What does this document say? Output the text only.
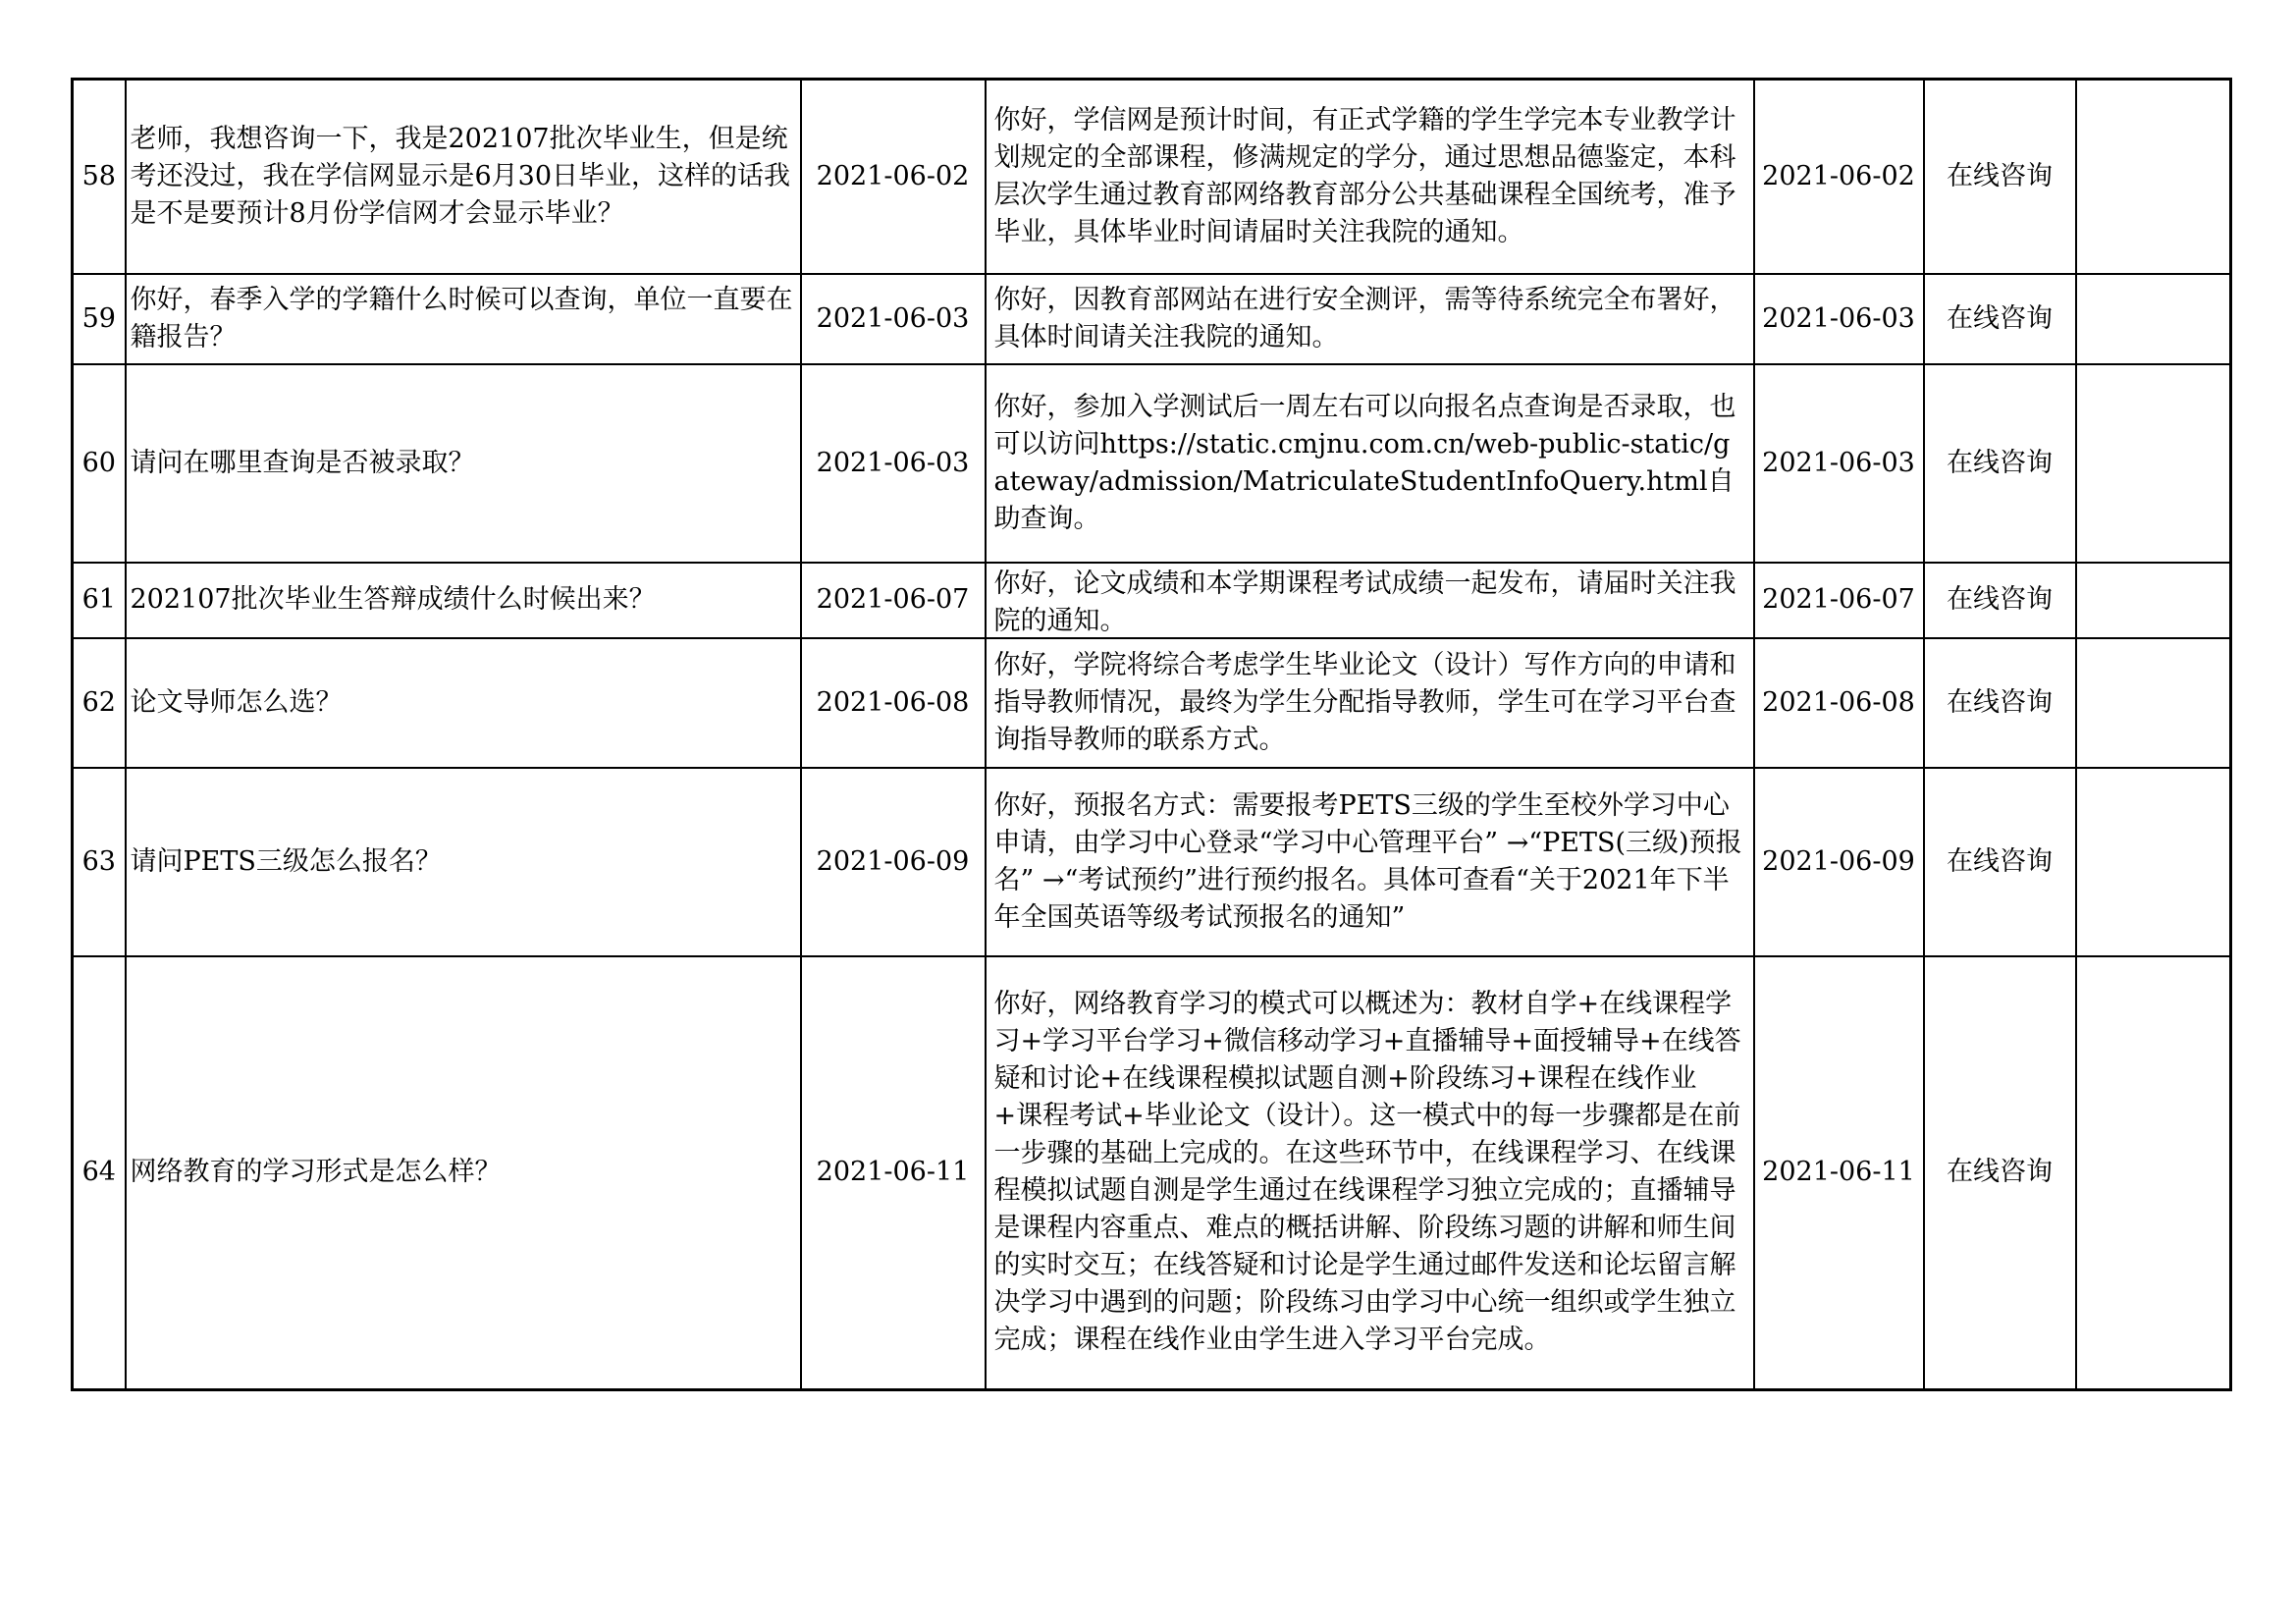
58	老师，我想咨询一下，我是202107批次毕业生，但是统考还没过，我在学信网显示是6月30日毕业，这样的话我是不是要预计8月份学信网才会显示毕业？	2021-06-02	你好，学信网是预计时间，有正式学籍的学生学完本专业教学计划规定的全部课程，修满规定的学分，通过思想品德鉴定，本科层次学生通过教育部网络教育部分公共基础课程全国统考，准予毕业，具体毕业时间请届时关注我院的通知。	2021-06-02	在线咨询	
59	你好，春季入学的学籍什么时候可以查询，单位一直要在籍报告？	2021-06-03	你好，因教育部网站在进行安全测评，需等待系统完全布署好，具体时间请关注我院的通知。	2021-06-03	在线咨询	
60	请问在哪里查询是否被录取？	2021-06-03	你好，参加入学测试后一周左右可以向报名点查询是否录取，也可以访问https://static.cmjnu.com.cn/web-public-static/gateway/admission/MatriculateStudentInfoQuery.html自助查询。	2021-06-03	在线咨询	
61	202107批次毕业生答辩成绩什么时候出来？	2021-06-07	你好，论文成绩和本学期课程考试成绩一起发布，请届时关注我院的通知。	2021-06-07	在线咨询	
62	论文导师怎么选？	2021-06-08	你好，学院将综合考虑学生毕业论文（设计）写作方向的申请和指导教师情况，最终为学生分配指导教师，学生可在学习平台查询指导教师的联系方式。	2021-06-08	在线咨询	
63	请问PETS三级怎么报名？	2021-06-09	你好，预报名方式：需要报考PETS三级的学生至校外学习中心申请，由学习中心登录“学习中心管理平台” →“PETS(三级)预报名” →“考试预约”进行预约报名。具体可查看“关于2021年下半年全国英语等级考试预报名的通知”	2021-06-09	在线咨询	
64	网络教育的学习形式是怎么样？	2021-06-11	你好，网络教育学习的模式可以概述为：教材自学+在线课程学习+学习平台学习+微信移动学习+直播辅导+面授辅导+在线答疑和讨论+在线课程模拟试题自测+阶段练习+课程在线作业+课程考试+毕业论文（设计）。这一模式中的每一步骤都是在前一步骤的基础上完成的。在这些环节中，在线课程学习、在线课程模拟试题自测是学生通过在线课程学习独立完成的；直播辅导是课程内容重点、难点的概括讲解、阶段练习题的讲解和师生间的实时交互；在线答疑和讨论是学生通过邮件发送和论坛留言解决学习中遇到的问题；阶段练习由学习中心统一组织或学生独立完成；课程在线作业由学生进入学习平台完成。	2021-06-11	在线咨询	
